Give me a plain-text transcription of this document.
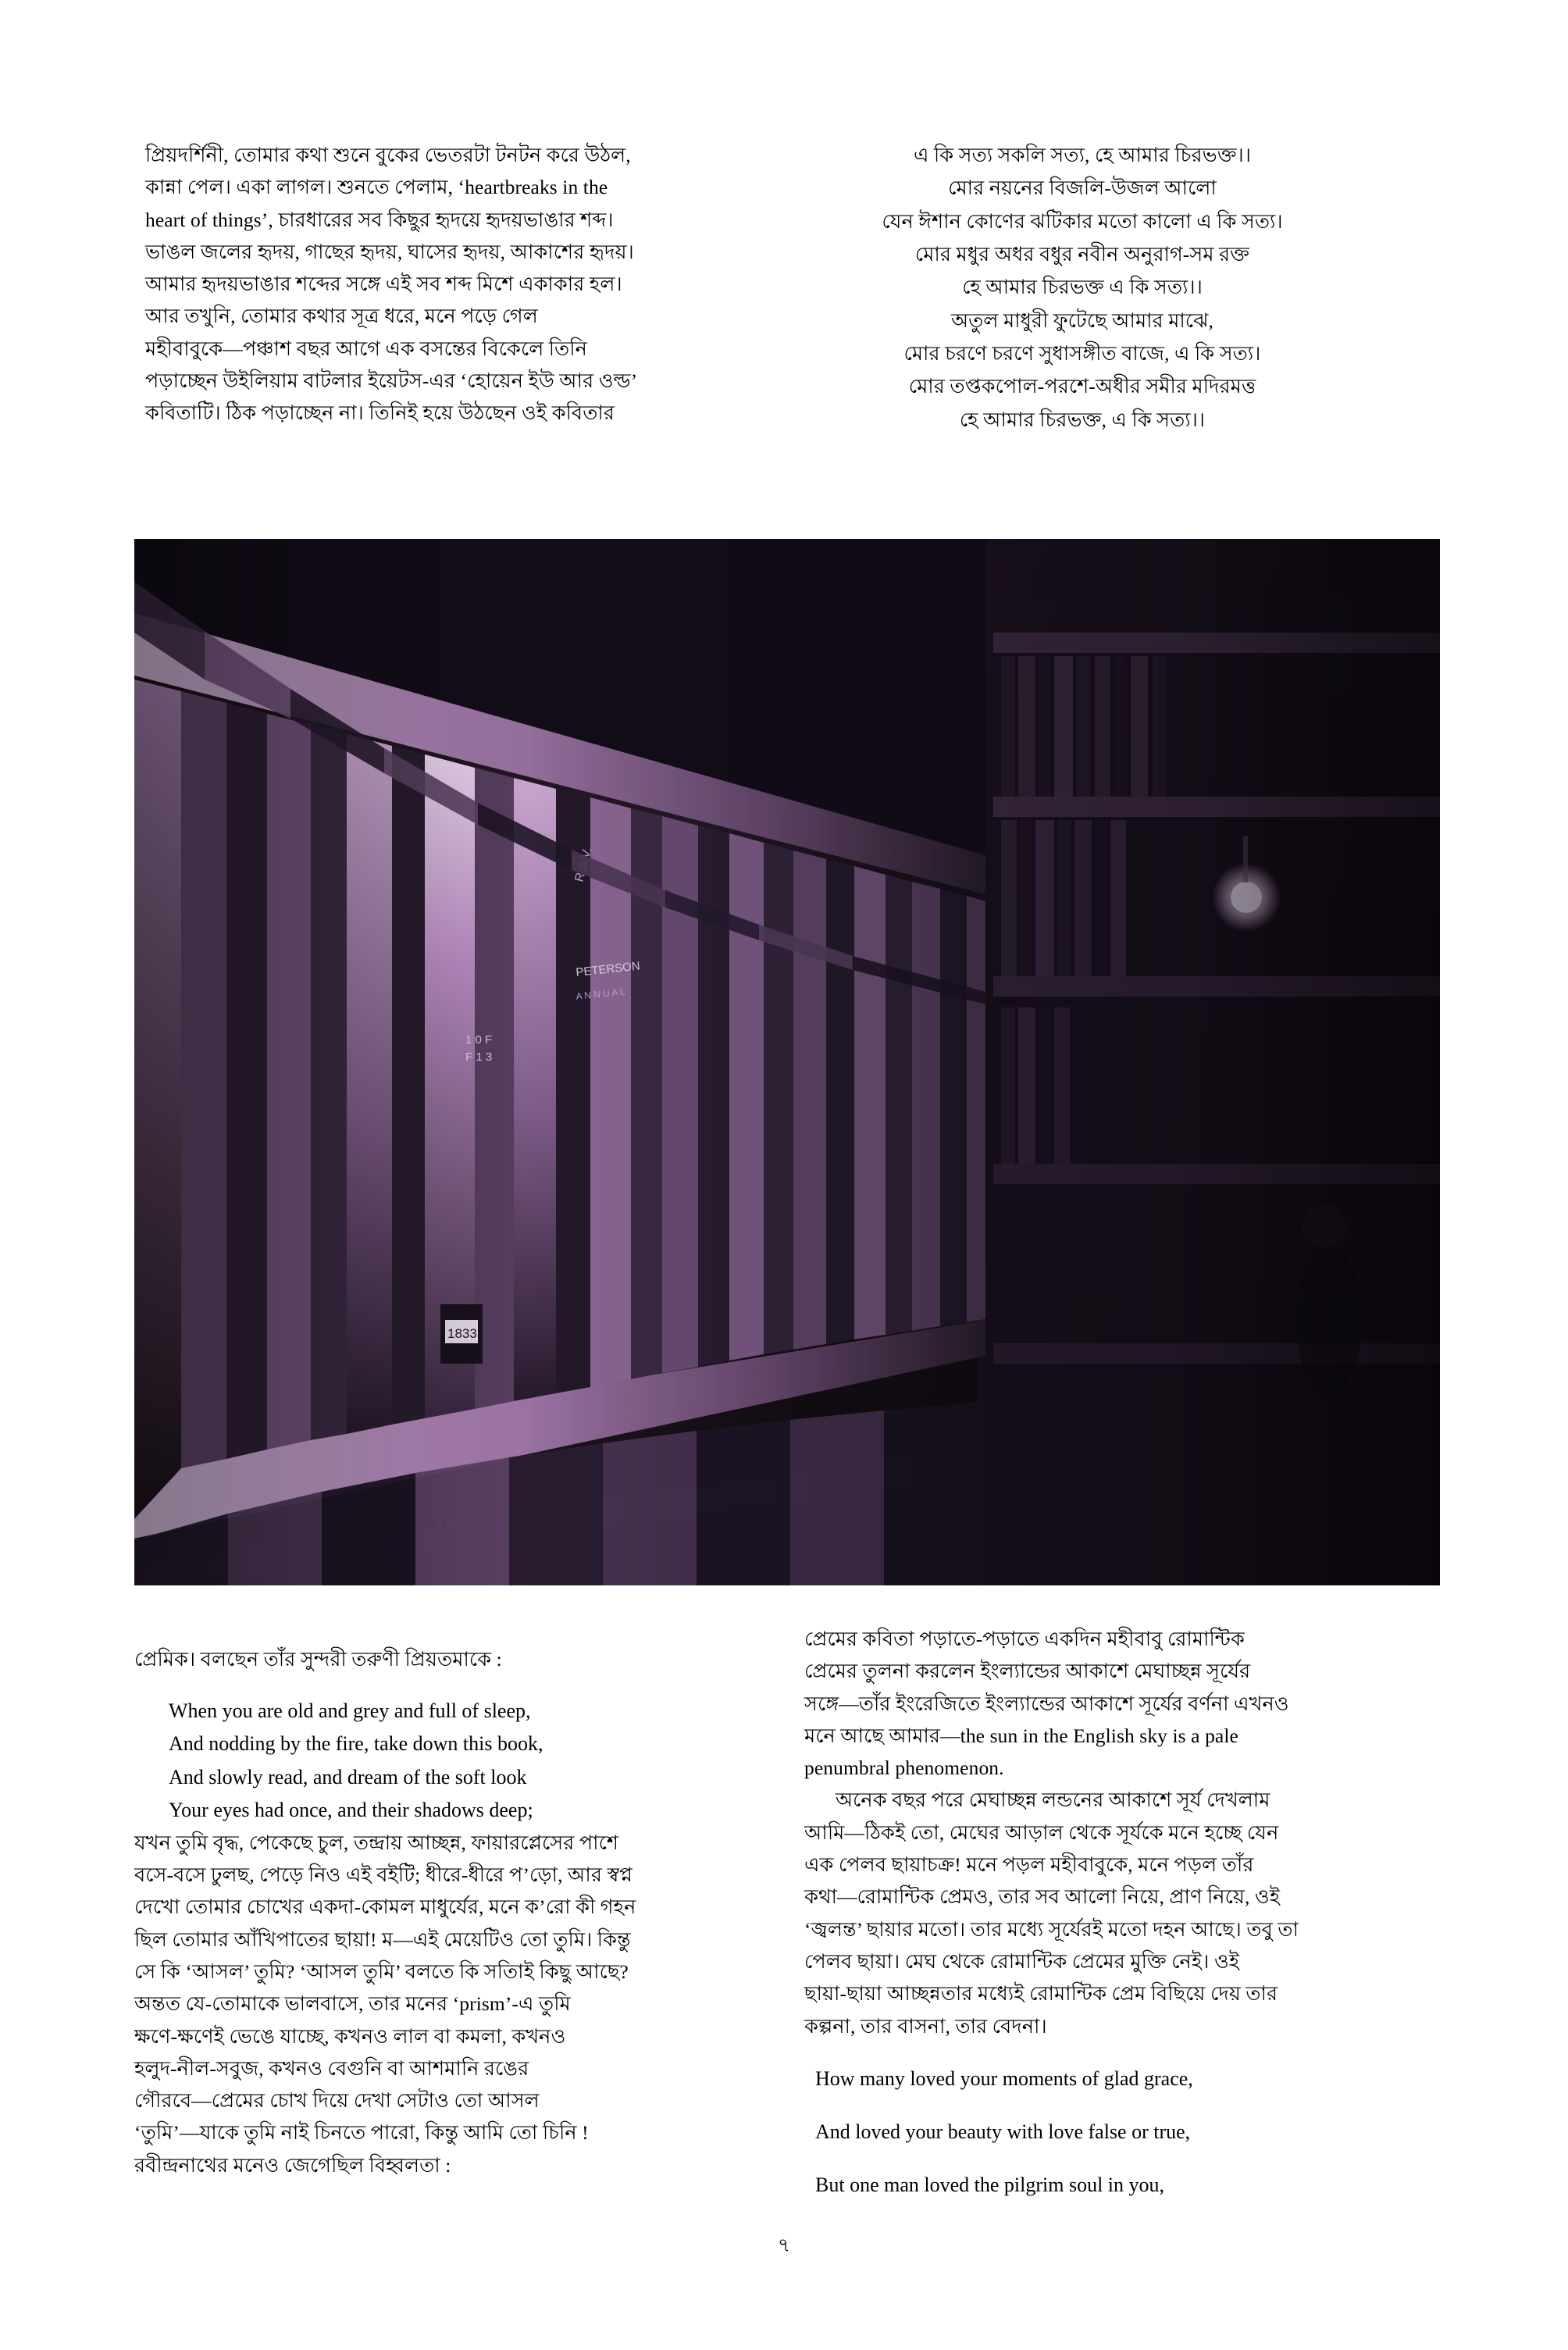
প্রিয়দর্শিনী, তোমার কথা শুনে বুকের ভেতরটা টনটন করে উঠল,

কান্না পেল। একা লাগল। শুনতে পেলাম, ‘heartbreaks in the

heart of things’, চারধারের সব কিছুর হৃদয়ে হৃদয়ভাঙার শব্দ।

ভাঙল জলের হৃদয়, গাছের হৃদয়, ঘাসের হৃদয়, আকাশের হৃদয়।

আমার হৃদয়ভাঙার শব্দের সঙ্গে এই সব শব্দ মিশে একাকার হল।

আর তখুনি, তোমার কথার সূত্র ধরে, মনে পড়ে গেল

মহীবাবুকে—পঞ্চাশ বছর আগে এক বসন্তের বিকেলে তিনি

পড়াচ্ছেন উইলিয়াম বাটলার ইয়েটস-এর ‘হোয়েন ইউ আর ওল্ড’

কবিতাটি। ঠিক পড়াচ্ছেন না। তিনিই হয়ে উঠছেন ওই কবিতার

এ কি সত্য সকলি সত্য, হে আমার চিরভক্ত।।

মোর নয়নের বিজলি-উজল আলো

যেন ঈশান কোণের ঝটিকার মতো কালো এ কি সত্য।

মোর মধুর অধর বধুর নবীন অনুরাগ-সম রক্ত

হে আমার চিরভক্ত এ কি সত্য।।

অতুল মাধুরী ফুটেছে আমার মাঝে,

মোর চরণে চরণে সুধাসঙ্গীত বাজে, এ কি সত্য।

মোর তপ্তকপোল-পরশে-অধীর সমীর মদিরমত্ত

হে আমার চিরভক্ত, এ কি সত্য।।

প্রেমিক। বলছেন তাঁর সুন্দরী তরুণী প্রিয়তমাকে :

When you are old and grey and full of sleep,

And nodding by the fire, take down this book,

And slowly read, and dream of the soft look

Your eyes had once, and their shadows deep;

যখন তুমি বৃদ্ধ, পেকেছে চুল, তন্দ্রায় আচ্ছন্ন, ফায়ারপ্লেসের পাশে

বসে-বসে ঢুলছ, পেড়ে নিও এই বইটি; ধীরে-ধীরে প’ড়ো, আর স্বপ্ন

দেখো তোমার চোখের একদা-কোমল মাধুর্যের, মনে ক’রো কী গহন

ছিল তোমার আঁখিপাতের ছায়া! ম—এই মেয়েটিও তো তুমি। কিন্তু

সে কি ‘আসল’ তুমি? ‘আসল তুমি’ বলতে কি সতিাই কিছু আছে?

অন্তত যে-তোমাকে ভালবাসে, তার মনের ‘prism’-এ তুমি

ক্ষণে-ক্ষণেই ভেঙে যাচ্ছে, কখনও লাল বা কমলা, কখনও

হলুদ-নীল-সবুজ, কখনও বেগুনি বা আশমানি রঙের

গৌরবে—প্রেমের চোখ দিয়ে দেখা সেটাও তো আসল

‘তুমি’—যাকে তুমি নাই চিনতে পারো, কিন্তু আমি তো চিনি !

রবীন্দ্রনাথের মনেও জেগেছিল বিহ্বলতা :

প্রেমের কবিতা পড়াতে-পড়াতে একদিন মহীবাবু রোমান্টিক

প্রেমের তুলনা করলেন ইংল্যান্ডের আকাশে মেঘাচ্ছন্ন সূর্যের

সঙ্গে—তাঁর ইংরেজিতে ইংল্যান্ডের আকাশে সূর্যের বর্ণনা এখনও

মনে আছে আমার—the sun in the English sky is a pale

penumbral phenomenon.

অনেক বছর পরে মেঘাচ্ছন্ন লন্ডনের আকাশে সূর্য দেখলাম

আমি—ঠিকই তো, মেঘের আড়াল থেকে সূর্যকে মনে হচ্ছে যেন

এক পেলব ছায়াচক্র! মনে পড়ল মহীবাবুকে, মনে পড়ল তাঁর

কথা—রোমান্টিক প্রেমও, তার সব আলো নিয়ে, প্রাণ নিয়ে, ওই

‘জ্বলন্ত’ ছায়ার মতো। তার মধ্যে সূর্যেরই মতো দহন আছে। তবু তা

পেলব ছায়া। মেঘ থেকে রোমান্টিক প্রেমের মুক্তি নেই। ওই

ছায়া-ছায়া আচ্ছন্নতার মধ্যেই রোমান্টিক প্রেম বিছিয়ে দেয় তার

কল্পনা, তার বাসনা, তার বেদনা।

How many loved your moments of glad grace,

And loved your beauty with love false or true,

But one man loved the pilgrim soul in you,

৭
